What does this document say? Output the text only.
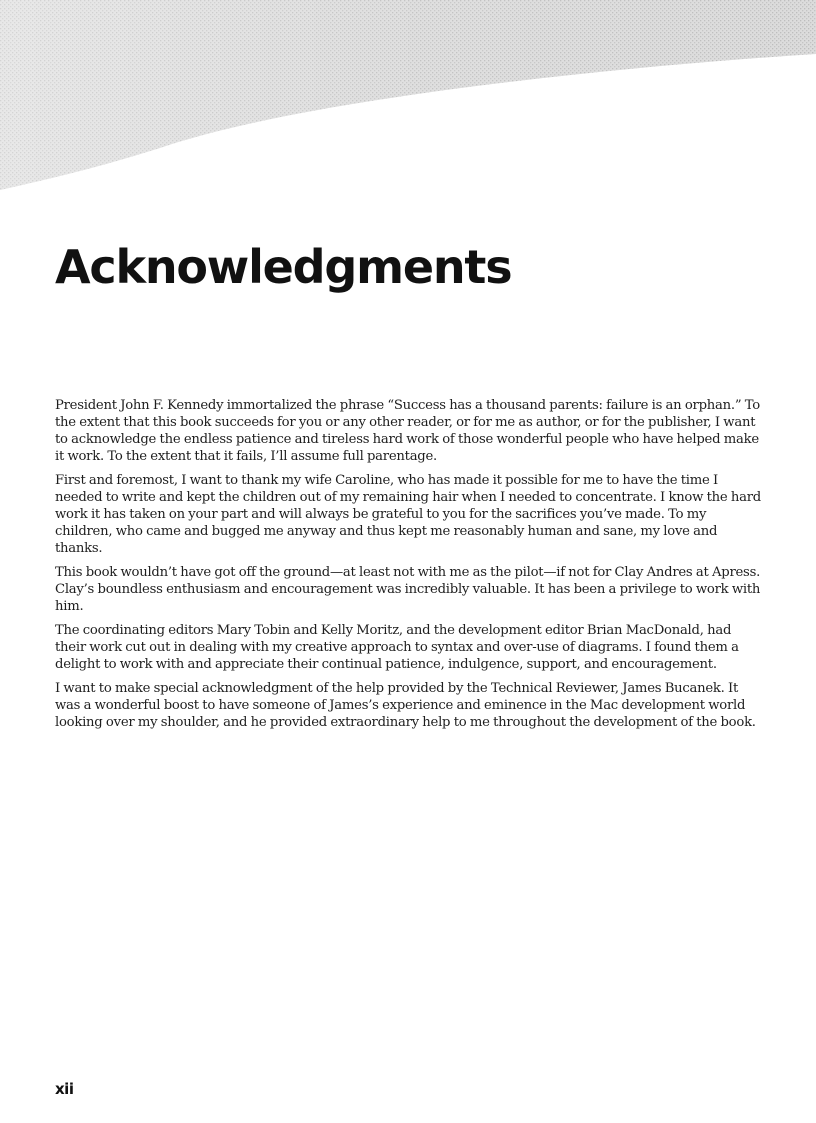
Acknowledgments

President John F. Kennedy immortalized the phrase “Success has a thousand parents: failure is an orphan.” To the extent that this book succeeds for you or any other reader, or for me as author, or for the publisher, I want to acknowledge the endless patience and tireless hard work of those wonderful people who have helped make it work. To the extent that it fails, I’ll assume full parentage.

First and foremost, I want to thank my wife Caroline, who has made it possible for me to have the time I needed to write and kept the children out of my remaining hair when I needed to concentrate. I know the hard work it has taken on your part and will always be grateful to you for the sacrifices you’ve made. To my children, who came and bugged me anyway and thus kept me reasonably human and sane, my love and thanks.

This book wouldn’t have got off the ground—at least not with me as the pilot—if not for Clay Andres at Apress. Clay’s boundless enthusiasm and encouragement was incredibly valuable. It has been a privilege to work with him.

The coordinating editors Mary Tobin and Kelly Moritz, and the development editor Brian MacDonald, had their work cut out in dealing with my creative approach to syntax and over-use of diagrams. I found them a delight to work with and appreciate their continual patience, indulgence, support, and encouragement.

I want to make special acknowledgment of the help provided by the Technical Reviewer, James Bucanek. It was a wonderful boost to have someone of James’s experience and eminence in the Mac development world looking over my shoulder, and he provided extraordinary help to me throughout the development of the book.

xii
